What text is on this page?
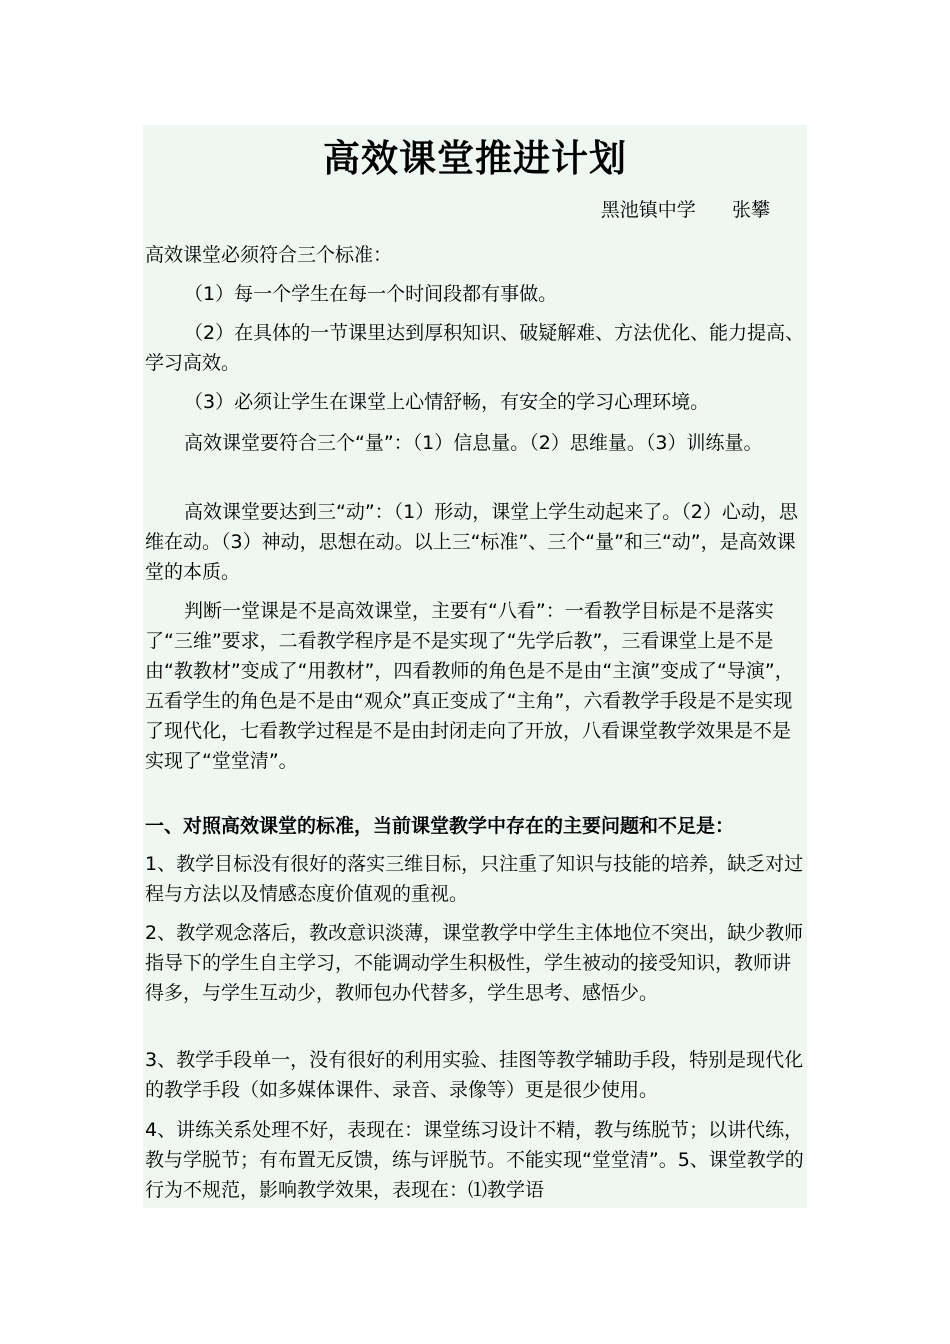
高效课堂推进计划
黑池镇中学      张攀

高效课堂必须符合三个标准：

（1）每一个学生在每一个时间段都有事做。

（2）在具体的一节课里达到厚积知识、破疑解难、方法优化、能力提高、学习高效。

（3）必须让学生在课堂上心情舒畅，有安全的学习心理环境。

高效课堂要符合三个“量”：（1）信息量。（2）思维量。（3）训练量。

高效课堂要达到三“动”：（1）形动，课堂上学生动起来了。（2）心动，思维在动。（3）神动，思想在动。以上三“标准”、三个“量”和三“动”，是高效课堂的本质。

判断一堂课是不是高效课堂，主要有“八看”：一看教学目标是不是落实了“三维”要求，二看教学程序是不是实现了“先学后教”，三看课堂上是不是由“教教材”变成了“用教材”，四看教师的角色是不是由“主演”变成了“导演”，五看学生的角色是不是由“观众”真正变成了“主角”，六看教学手段是不是实现了现代化，七看教学过程是不是由封闭走向了开放，八看课堂教学效果是不是实现了“堂堂清”。

一、对照高效课堂的标准，当前课堂教学中存在的主要问题和不足是：

1、教学目标没有很好的落实三维目标，只注重了知识与技能的培养，缺乏对过程与方法以及情感态度价值观的重视。

2、教学观念落后，教改意识淡薄，课堂教学中学生主体地位不突出，缺少教师指导下的学生自主学习，不能调动学生积极性，学生被动的接受知识，教师讲得多，与学生互动少，教师包办代替多，学生思考、感悟少。

3、教学手段单一，没有很好的利用实验、挂图等教学辅助手段，特别是现代化的教学手段（如多媒体课件、录音、录像等）更是很少使用。

4、讲练关系处理不好，表现在：课堂练习设计不精，教与练脱节；以讲代练，教与学脱节；有布置无反馈，练与评脱节。不能实现“堂堂清”。5、课堂教学的行为不规范，影响教学效果，表现在：⑴教学语
